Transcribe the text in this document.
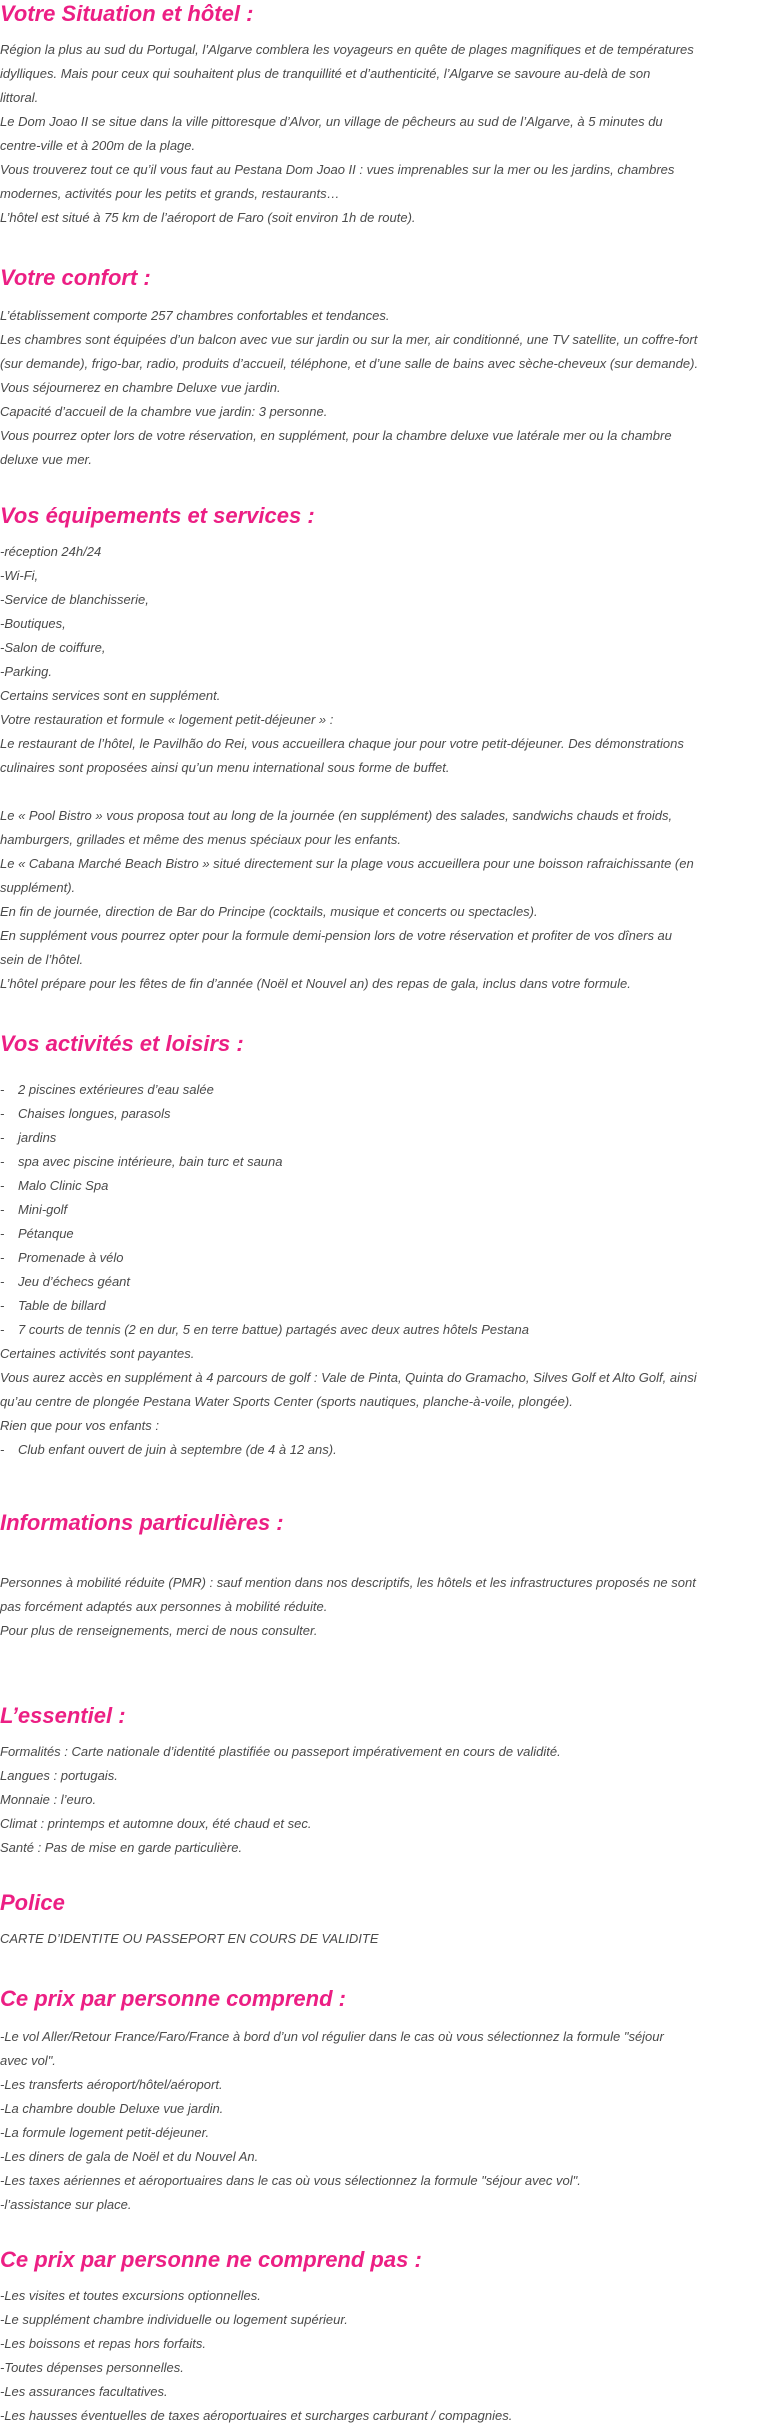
Votre Situation et hôtel :

Région la plus au sud du Portugal, l’Algarve comblera les voyageurs en quête de plages magnifiques et de températures
idylliques. Mais pour ceux qui souhaitent plus de tranquillité et d’authenticité, l’Algarve se savoure au-delà de son
littoral.
Le Dom Joao II se situe dans la ville pittoresque d’Alvor, un village de pêcheurs au sud de l’Algarve, à 5 minutes du
centre-ville et à 200m de la plage.
Vous trouverez tout ce qu’il vous faut au Pestana Dom Joao II : vues imprenables sur la mer ou les jardins, chambres
modernes, activités pour les petits et grands, restaurants…
L’hôtel est situé à 75 km de l’aéroport de Faro (soit environ 1h de route).

Votre confort :

L’établissement comporte 257 chambres confortables et tendances.
Les chambres sont équipées d’un balcon avec vue sur jardin ou sur la mer, air conditionné, une TV satellite, un coffre-fort
(sur demande), frigo-bar, radio, produits d’accueil, téléphone, et d’une salle de bains avec sèche-cheveux (sur demande).
Vous séjournerez en chambre Deluxe vue jardin.
Capacité d’accueil de la chambre vue jardin: 3 personne.
Vous pourrez opter lors de votre réservation, en supplément, pour la chambre deluxe vue latérale mer ou la chambre
deluxe vue mer.

Vos équipements et services :

-réception 24h/24
-Wi-Fi,
-Service de blanchisserie,
-Boutiques,
-Salon de coiffure,
-Parking.
Certains services sont en supplément.
Votre restauration et formule « logement petit-déjeuner » :
Le restaurant de l’hôtel, le Pavilhão do Rei, vous accueillera chaque jour pour votre petit-déjeuner. Des démonstrations
culinaires sont proposées ainsi qu’un menu international sous forme de buffet.
Le « Pool Bistro » vous proposa tout au long de la journée (en supplément) des salades, sandwichs chauds et froids,
hamburgers, grillades et même des menus spéciaux pour les enfants.
Le « Cabana Marché Beach Bistro » situé directement sur la plage vous accueillera pour une boisson rafraichissante (en
supplément).
En fin de journée, direction de Bar do Principe (cocktails, musique et concerts ou spectacles).
En supplément vous pourrez opter pour la formule demi-pension lors de votre réservation et profiter de vos dîners au
sein de l’hôtel.
L’hôtel prépare pour les fêtes de fin d’année (Noël et Nouvel an) des repas de gala, inclus dans votre formule.

Vos activités et loisirs :

- 2 piscines extérieures d’eau salée
- Chaises longues, parasols
- jardins
- spa avec piscine intérieure, bain turc et sauna
- Malo Clinic Spa
- Mini-golf
- Pétanque
- Promenade à vélo
- Jeu d’échecs géant
- Table de billard
- 7 courts de tennis (2 en dur, 5 en terre battue) partagés avec deux autres hôtels Pestana
Certaines activités sont payantes.
Vous aurez accès en supplément à 4 parcours de golf : Vale de Pinta, Quinta do Gramacho, Silves Golf et Alto Golf, ainsi
qu’au centre de plongée Pestana Water Sports Center (sports nautiques, planche-à-voile, plongée).
Rien que pour vos enfants :
- Club enfant ouvert de juin à septembre (de 4 à 12 ans).

Informations particulières :

Personnes à mobilité réduite (PMR) : sauf mention dans nos descriptifs, les hôtels et les infrastructures proposés ne sont
pas forcément adaptés aux personnes à mobilité réduite.
Pour plus de renseignements, merci de nous consulter.

L’essentiel :

Formalités : Carte nationale d’identité plastifiée ou passeport impérativement en cours de validité.
Langues : portugais.
Monnaie : l’euro.
Climat : printemps et automne doux, été chaud et sec.
Santé : Pas de mise en garde particulière.

Police

CARTE D’IDENTITE OU PASSEPORT EN COURS DE VALIDITE

Ce prix par personne comprend :

-Le vol Aller/Retour France/Faro/France à bord d’un vol régulier dans le cas où vous sélectionnez la formule "séjour
avec vol".
-Les transferts aéroport/hôtel/aéroport.
-La chambre double Deluxe vue jardin.
-La formule logement petit-déjeuner.
-Les diners de gala de Noël et du Nouvel An.
-Les taxes aériennes et aéroportuaires dans le cas où vous sélectionnez la formule "séjour avec vol".
-l’assistance sur place.

Ce prix par personne ne comprend pas :

-Les visites et toutes excursions optionnelles.
-Le supplément chambre individuelle ou logement supérieur.
-Les boissons et repas hors forfaits.
-Toutes dépenses personnelles.
-Les assurances facultatives.
-Les hausses éventuelles de taxes aéroportuaires et surcharges carburant / compagnies.
